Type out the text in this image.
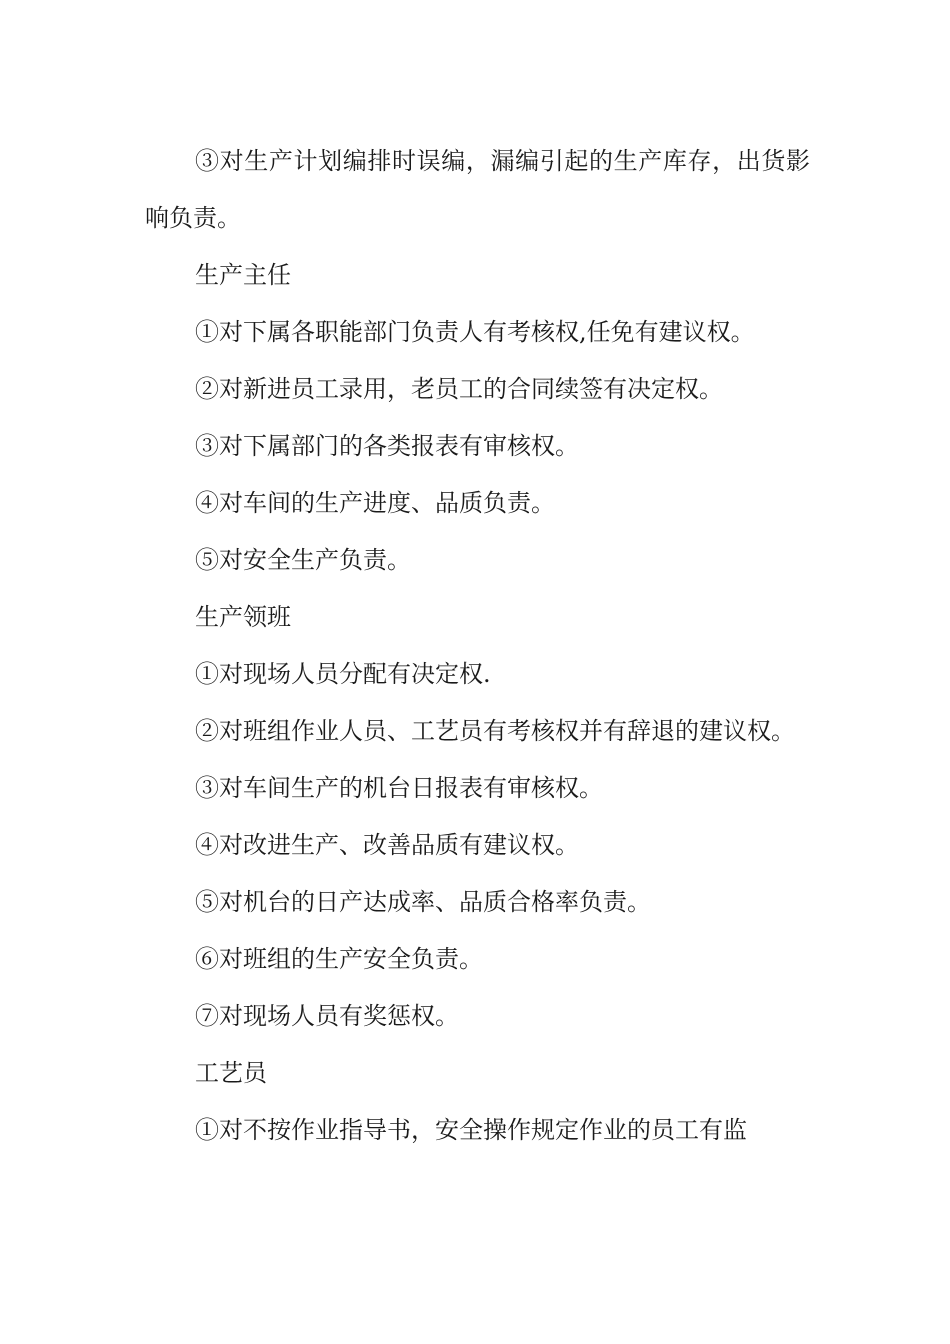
③对生产计划编排时误编，漏编引起的生产库存，出货影响负责。

生产主任

①对下属各职能部门负责人有考核权,任免有建议权。

②对新进员工录用，老员工的合同续签有决定权。

③对下属部门的各类报表有审核权。

④对车间的生产进度、品质负责。

⑤对安全生产负责。

生产领班

①对现场人员分配有决定权.

②对班组作业人员、工艺员有考核权并有辞退的建议权。

③对车间生产的机台日报表有审核权。

④对改进生产、改善品质有建议权。

⑤对机台的日产达成率、品质合格率负责。

⑥对班组的生产安全负责。

⑦对现场人员有奖惩权。

工艺员

①对不按作业指导书，安全操作规定作业的员工有监
